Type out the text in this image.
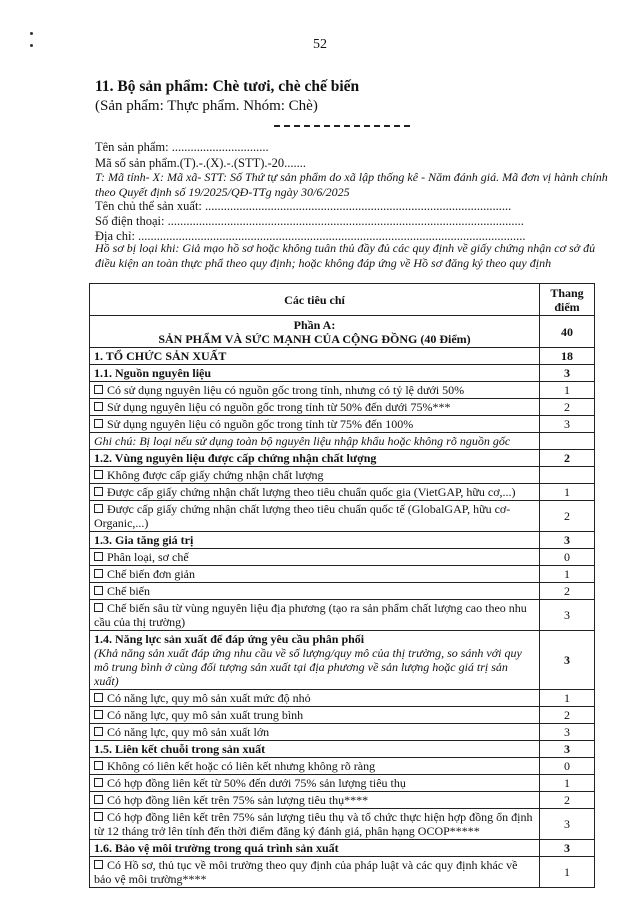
52
11. Bộ sản phẩm: Chè tươi, chè chế biến
(Sản phẩm: Thực phẩm. Nhóm: Chè)
Tên sản phẩm: ...............................
Mã số sản phẩm.(T).-.(X).-.(STT).-20.......
T: Mã tỉnh- X: Mã xã- STT: Số Thứ tự sản phẩm do xã lập thống kê - Năm đánh giá. Mã đơn vị hành chính theo Quyết định số 19/2025/QĐ-TTg ngày 30/6/2025
Tên chủ thể sản xuất: ..................................................................................................
Số điện thoại: ..................................................................................................................
Địa chỉ: ............................................................................................................................
Hồ sơ bị loại khi: Giả mạo hồ sơ hoặc không tuân thủ đầy đủ các quy định về giấy chứng nhận cơ sở đủ điều kiện an toàn thực phẩ theo quy định; hoặc không đáp ứng về Hồ sơ đăng ký theo quy định
Các tiêu chí	Thang điểm

Phần A:
SẢN PHẨM VÀ SỨC MẠNH CỦA CỘNG ĐỒNG (40 Điểm)	40
1. TỔ CHỨC SẢN XUẤT	18
1.1. Nguồn nguyên liệu	3
Có sử dụng nguyên liệu có nguồn gốc trong tỉnh, nhưng có tỷ lệ dưới 50%	1
Sử dụng nguyên liệu có nguồn gốc trong tỉnh từ 50% đến dưới 75%***	2
Sử dụng nguyên liệu có nguồn gốc trong tỉnh từ 75% đến 100%	3
Ghi chú: Bị loại nếu sử dụng toàn bộ nguyên liệu nhập khẩu hoặc không rõ nguồn gốc	
1.2. Vùng nguyên liệu được cấp chứng nhận chất lượng	2
Không được cấp giấy chứng nhận chất lượng	
Được cấp giấy chứng nhận chất lượng theo tiêu chuẩn quốc gia (VietGAP, hữu cơ,...)	1
Được cấp giấy chứng nhận chất lượng theo tiêu chuẩn quốc tế (GlobalGAP, hữu cơ-Organic,...)	2
1.3. Gia tăng giá trị	3
Phân loại, sơ chế	0
Chế biến đơn giản	1
Chế biến	2
Chế biến sâu từ vùng nguyên liệu địa phương (tạo ra sản phẩm chất lượng cao theo nhu cầu của thị trường)	3
1.4. Năng lực sản xuất để đáp ứng yêu cầu phân phối
(Khả năng sản xuất đáp ứng nhu cầu về số lượng/quy mô của thị trường, so sánh với quy mô trung bình ở cùng đối tượng sản xuất tại địa phương về sản lượng hoặc giá trị sản xuất)	3
Có năng lực, quy mô sản xuất mức độ nhỏ	1
Có năng lực, quy mô sản xuất trung bình	2
Có năng lực, quy mô sản xuất lớn	3
1.5. Liên kết chuỗi trong sản xuất	3
Không có liên kết hoặc có liên kết nhưng không rõ ràng	0
Có hợp đồng liên kết từ 50% đến dưới 75% sản lượng tiêu thụ	1
Có hợp đồng liên kết trên 75% sản lượng tiêu thụ****	2
Có hợp đồng liên kết trên 75% sản lượng tiêu thụ và tổ chức thực hiện hợp đồng ổn định từ 12 tháng trở lên tính đến thời điểm đăng ký đánh giá, phân hạng OCOP*****	3
1.6. Bảo vệ môi trường trong quá trình sản xuất	3
Có Hồ sơ, thủ tục về môi trường theo quy định của pháp luật và các quy định khác về bảo vệ môi trường****	1
